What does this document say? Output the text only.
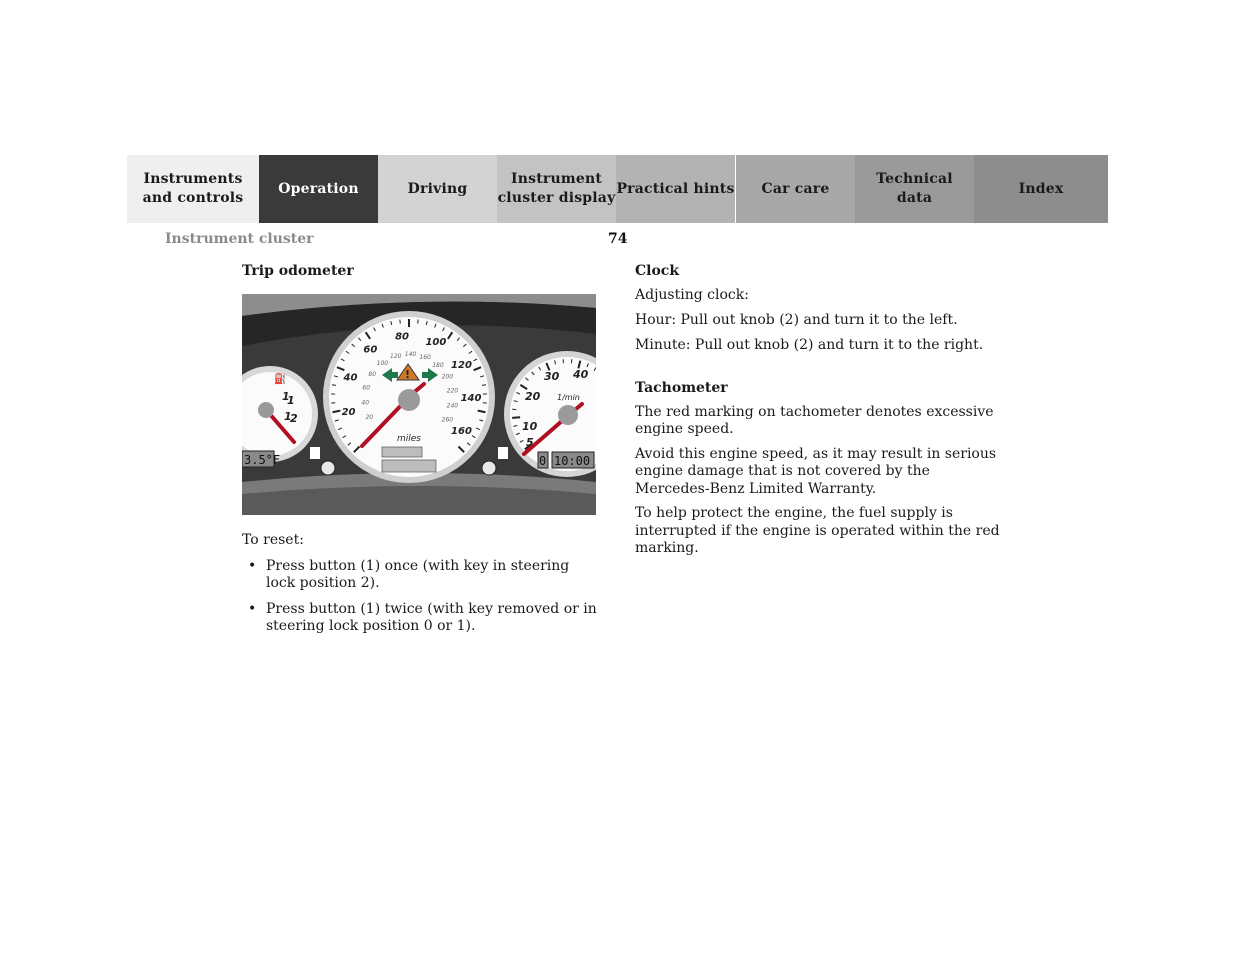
Instruments
and controls
Operation	Driving
Instrument
cluster display
Practical hints	Car care
Technical
data
Index
Instrument cluster	74

Trip odometer

⛽
1
1
1
2
3.5°F
20
40
60
80
100
120
140
160
20
40
60
80
100
120 140 160
180
200
220
240
260
!
miles	5
10
20
30 40
1/min
0 10:00

To reset:

• Press button (1) once (with key in steering lock position 2).
• Press button (1) twice (with key removed or in steering lock position 0 or 1).

Clock

Adjusting clock:

Hour: Pull out knob (2) and turn it to the left.

Minute: Pull out knob (2) and turn it to the right.

Tachometer

The red marking on tachometer denotes excessive engine speed.

Avoid this engine speed, as it may result in serious engine damage that is not covered by the Mercedes-Benz Limited Warranty.

To help protect the engine, the fuel supply is interrupted if the engine is operated within the red marking.
